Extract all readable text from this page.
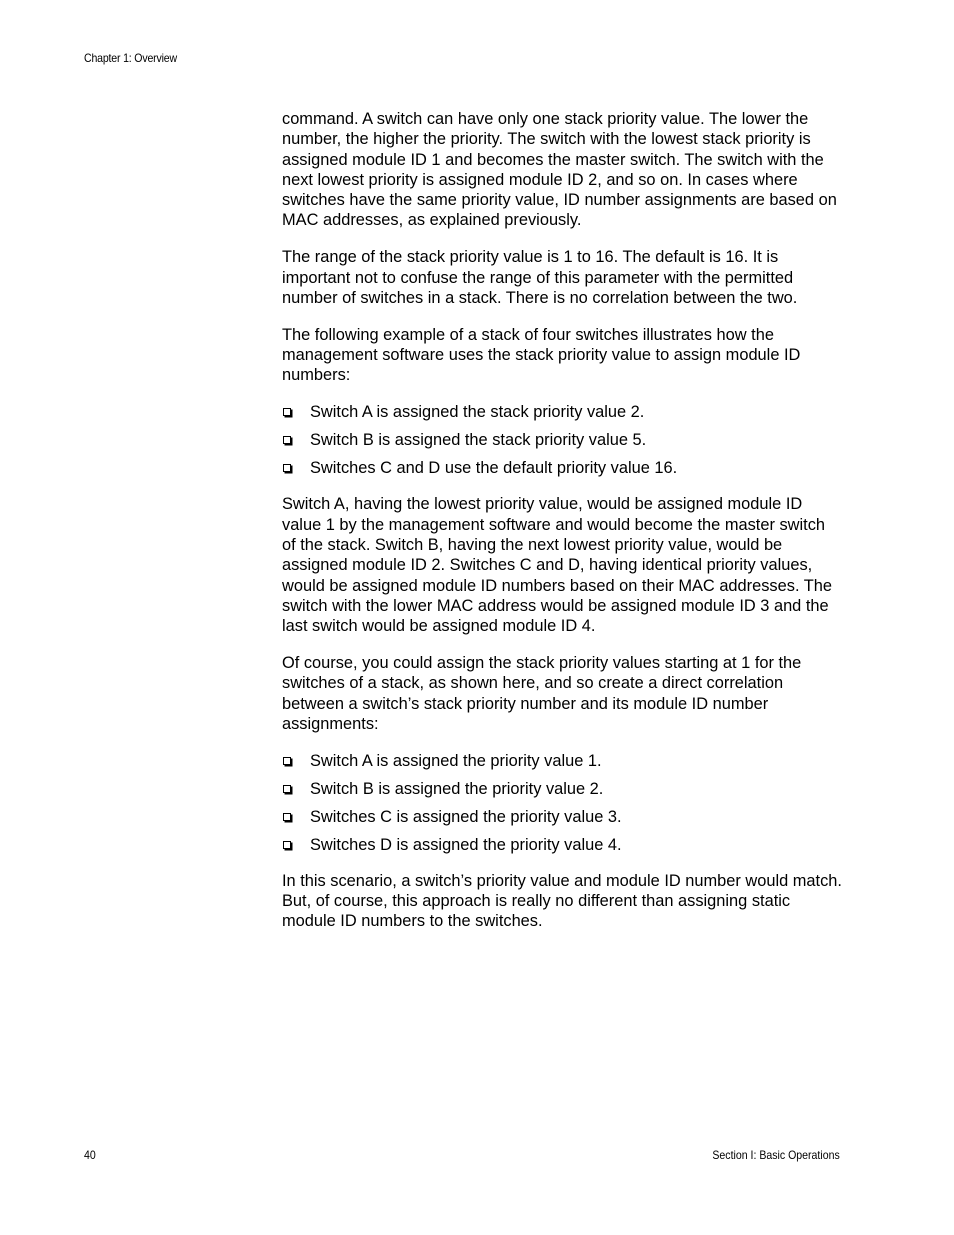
Chapter 1: Overview

command. A switch can have only one stack priority value. The lower the number, the higher the priority. The switch with the lowest stack priority is assigned module ID 1 and becomes the master switch. The switch with the next lowest priority is assigned module ID 2, and so on. In cases where switches have the same priority value, ID number assignments are based on MAC addresses, as explained previously.

The range of the stack priority value is 1 to 16. The default is 16. It is important not to confuse the range of this parameter with the permitted number of switches in a stack. There is no correlation between the two.

The following example of a stack of four switches illustrates how the management software uses the stack priority value to assign module ID numbers:

Switch A is assigned the stack priority value 2.
Switch B is assigned the stack priority value 5.
Switches C and D use the default priority value 16.

Switch A, having the lowest priority value, would be assigned module ID value 1 by the management software and would become the master switch of the stack. Switch B, having the next lowest priority value, would be assigned module ID 2. Switches C and D, having identical priority values, would be assigned module ID numbers based on their MAC addresses. The switch with the lower MAC address would be assigned module ID 3 and the last switch would be assigned module ID 4.

Of course, you could assign the stack priority values starting at 1 for the switches of a stack, as shown here, and so create a direct correlation between a switch’s stack priority number and its module ID number assignments:

Switch A is assigned the priority value 1.
Switch B is assigned the priority value 2.
Switches C is assigned the priority value 3.
Switches D is assigned the priority value 4.

In this scenario, a switch’s priority value and module ID number would match. But, of course, this approach is really no different than assigning static module ID numbers to the switches.

40	Section I: Basic Operations
